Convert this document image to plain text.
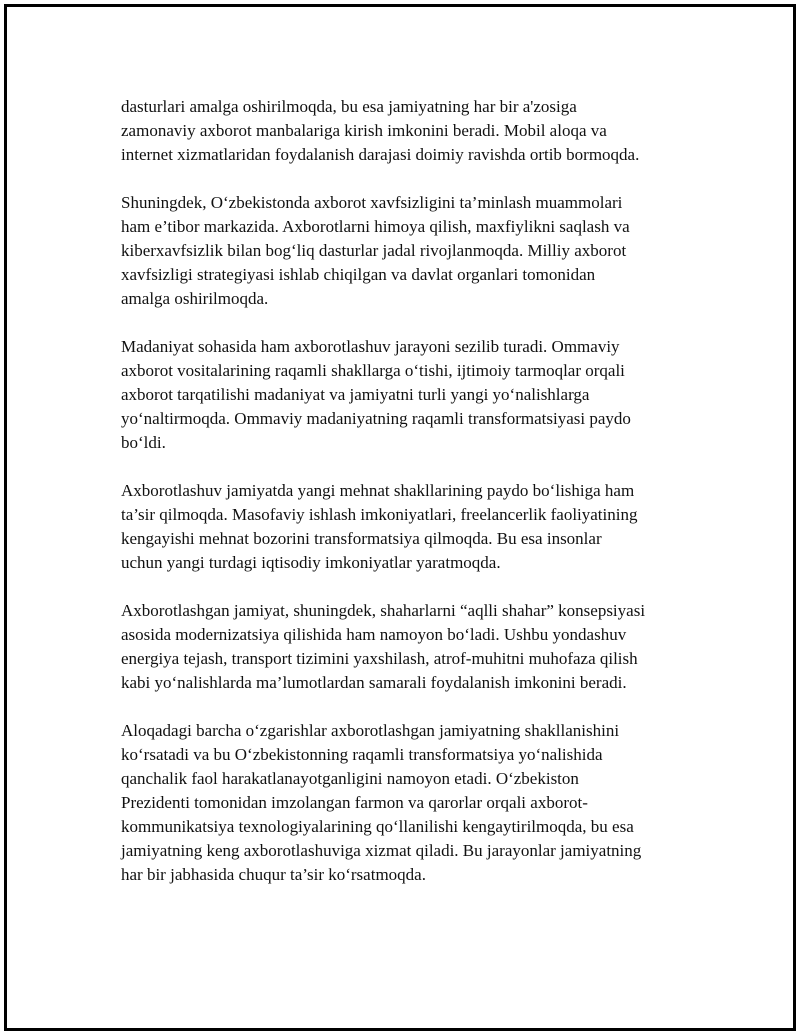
dasturlari amalga oshirilmoqda, bu esa jamiyatning har bir a'zosiga
zamonaviy axborot manbalariga kirish imkonini beradi. Mobil aloqa va
internet xizmatlaridan foydalanish darajasi doimiy ravishda ortib bormoqda.

Shuningdek, O‘zbekistonda axborot xavfsizligini ta’minlash muammolari
ham e’tibor markazida. Axborotlarni himoya qilish, maxfiylikni saqlash va
kiberxavfsizlik bilan bog‘liq dasturlar jadal rivojlanmoqda. Milliy axborot
xavfsizligi strategiyasi ishlab chiqilgan va davlat organlari tomonidan
amalga oshirilmoqda.

Madaniyat sohasida ham axborotlashuv jarayoni sezilib turadi. Ommaviy
axborot vositalarining raqamli shakllarga o‘tishi, ijtimoiy tarmoqlar orqali
axborot tarqatilishi madaniyat va jamiyatni turli yangi yo‘nalishlarga
yo‘naltirmoqda. Ommaviy madaniyatning raqamli transformatsiyasi paydo
bo‘ldi.

Axborotlashuv jamiyatda yangi mehnat shakllarining paydo bo‘lishiga ham
ta’sir qilmoqda. Masofaviy ishlash imkoniyatlari, freelancerlik faoliyatining
kengayishi mehnat bozorini transformatsiya qilmoqda. Bu esa insonlar
uchun yangi turdagi iqtisodiy imkoniyatlar yaratmoqda.

Axborotlashgan jamiyat, shuningdek, shaharlarni “aqlli shahar” konsepsiyasi
asosida modernizatsiya qilishida ham namoyon bo‘ladi. Ushbu yondashuv
energiya tejash, transport tizimini yaxshilash, atrof-muhitni muhofaza qilish
kabi yo‘nalishlarda ma’lumotlardan samarali foydalanish imkonini beradi.

Aloqadagi barcha o‘zgarishlar axborotlashgan jamiyatning shakllanishini
ko‘rsatadi va bu O‘zbekistonning raqamli transformatsiya yo‘nalishida
qanchalik faol harakatlanayotganligini namoyon etadi. O‘zbekiston
Prezidenti tomonidan imzolangan farmon va qarorlar orqali axborot-
kommunikatsiya texnologiyalarining qo‘llanilishi kengaytirilmoqda, bu esa
jamiyatning keng axborotlashuviga xizmat qiladi. Bu jarayonlar jamiyatning
har bir jabhasida chuqur ta’sir ko‘rsatmoqda.
